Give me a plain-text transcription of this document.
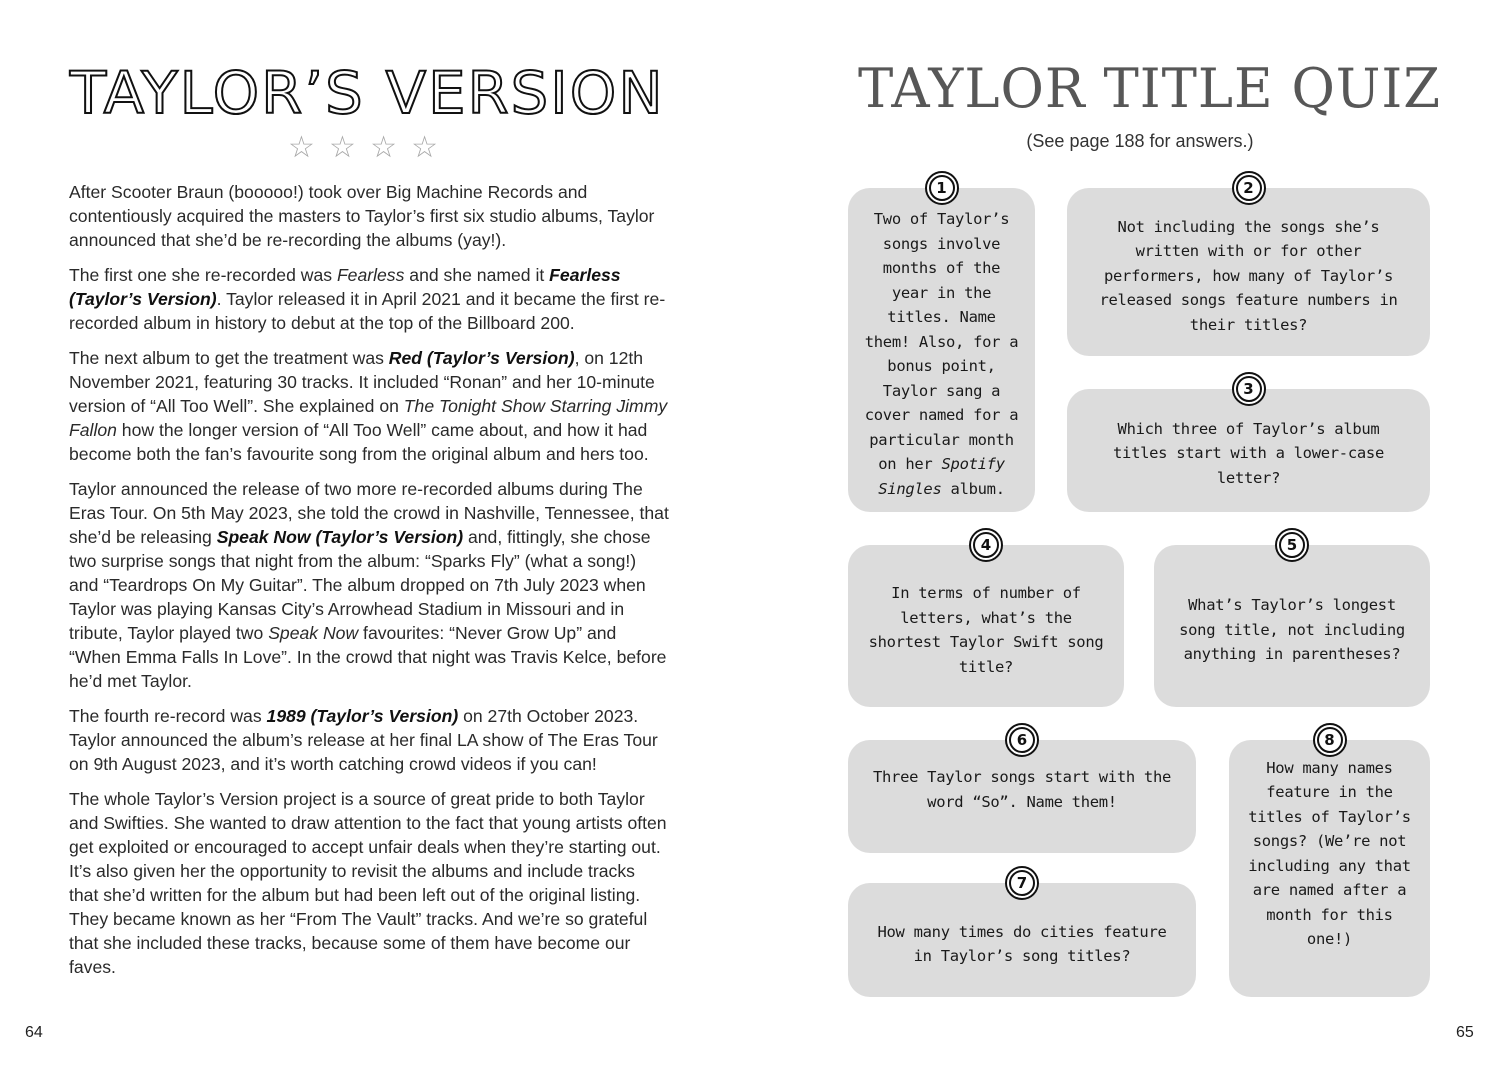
TAYLOR’S VERSION
☆ ☆ ☆ ☆

After Scooter Braun (booooo!) took over Big Machine Records and contentiously acquired the masters to Taylor’s first six studio albums, Taylor announced that she’d be re-recording the albums (yay!).

The first one she re-recorded was Fearless and she named it Fearless (Taylor’s Version). Taylor released it in April 2021 and it became the first re-recorded album in history to debut at the top of the Billboard 200.

The next album to get the treatment was Red (Taylor’s Version), on 12th November 2021, featuring 30 tracks. It included “Ronan” and her 10-minute version of “All Too Well”. She explained on The Tonight Show Starring Jimmy Fallon how the longer version of “All Too Well” came about, and how it had become both the fan’s favourite song from the original album and hers too.

Taylor announced the release of two more re-recorded albums during The Eras Tour. On 5th May 2023, she told the crowd in Nashville, Tennessee, that she’d be releasing Speak Now (Taylor’s Version) and, fittingly, she chose two surprise songs that night from the album: “Sparks Fly” (what a song!) and “Teardrops On My Guitar”. The album dropped on 7th July 2023 when Taylor was playing Kansas City’s Arrowhead Stadium in Missouri and in tribute, Taylor played two Speak Now favourites: “Never Grow Up” and “When Emma Falls In Love”. In the crowd that night was Travis Kelce, before he’d met Taylor.

The fourth re-record was 1989 (Taylor’s Version) on 27th October 2023. Taylor announced the album’s release at her final LA show of The Eras Tour on 9th August 2023, and it’s worth catching crowd videos if you can!

The whole Taylor’s Version project is a source of great pride to both Taylor and Swifties. She wanted to draw attention to the fact that young artists often get exploited or encouraged to accept unfair deals when they’re starting out. It’s also given her the opportunity to revisit the albums and include tracks that she’d written for the album but had been left out of the original listing. They became known as her “From The Vault” tracks. And we’re so grateful that she included these tracks, because some of them have become our faves.

64
TAYLOR TITLE QUIZ
(See page 188 for answers.)
1
Two of Taylor’s songs involve months of the year in the titles. Name them! Also, for a bonus point, Taylor sang a cover named for a particular month on her Spotify Singles album.
2
Not including the songs she’s written with or for other performers, how many of Taylor’s released songs feature numbers in their titles?
3
Which three of Taylor’s album titles start with a lower-case letter?
4
In terms of number of letters, what’s the shortest Taylor Swift song title?
5
What’s Taylor’s longest song title, not including anything in parentheses?
6
Three Taylor songs start with the word “So”. Name them!
7
How many times do cities feature in Taylor’s song titles?
8
How many names feature in the titles of Taylor’s songs? (We’re not including any that are named after a month for this one!)
65
